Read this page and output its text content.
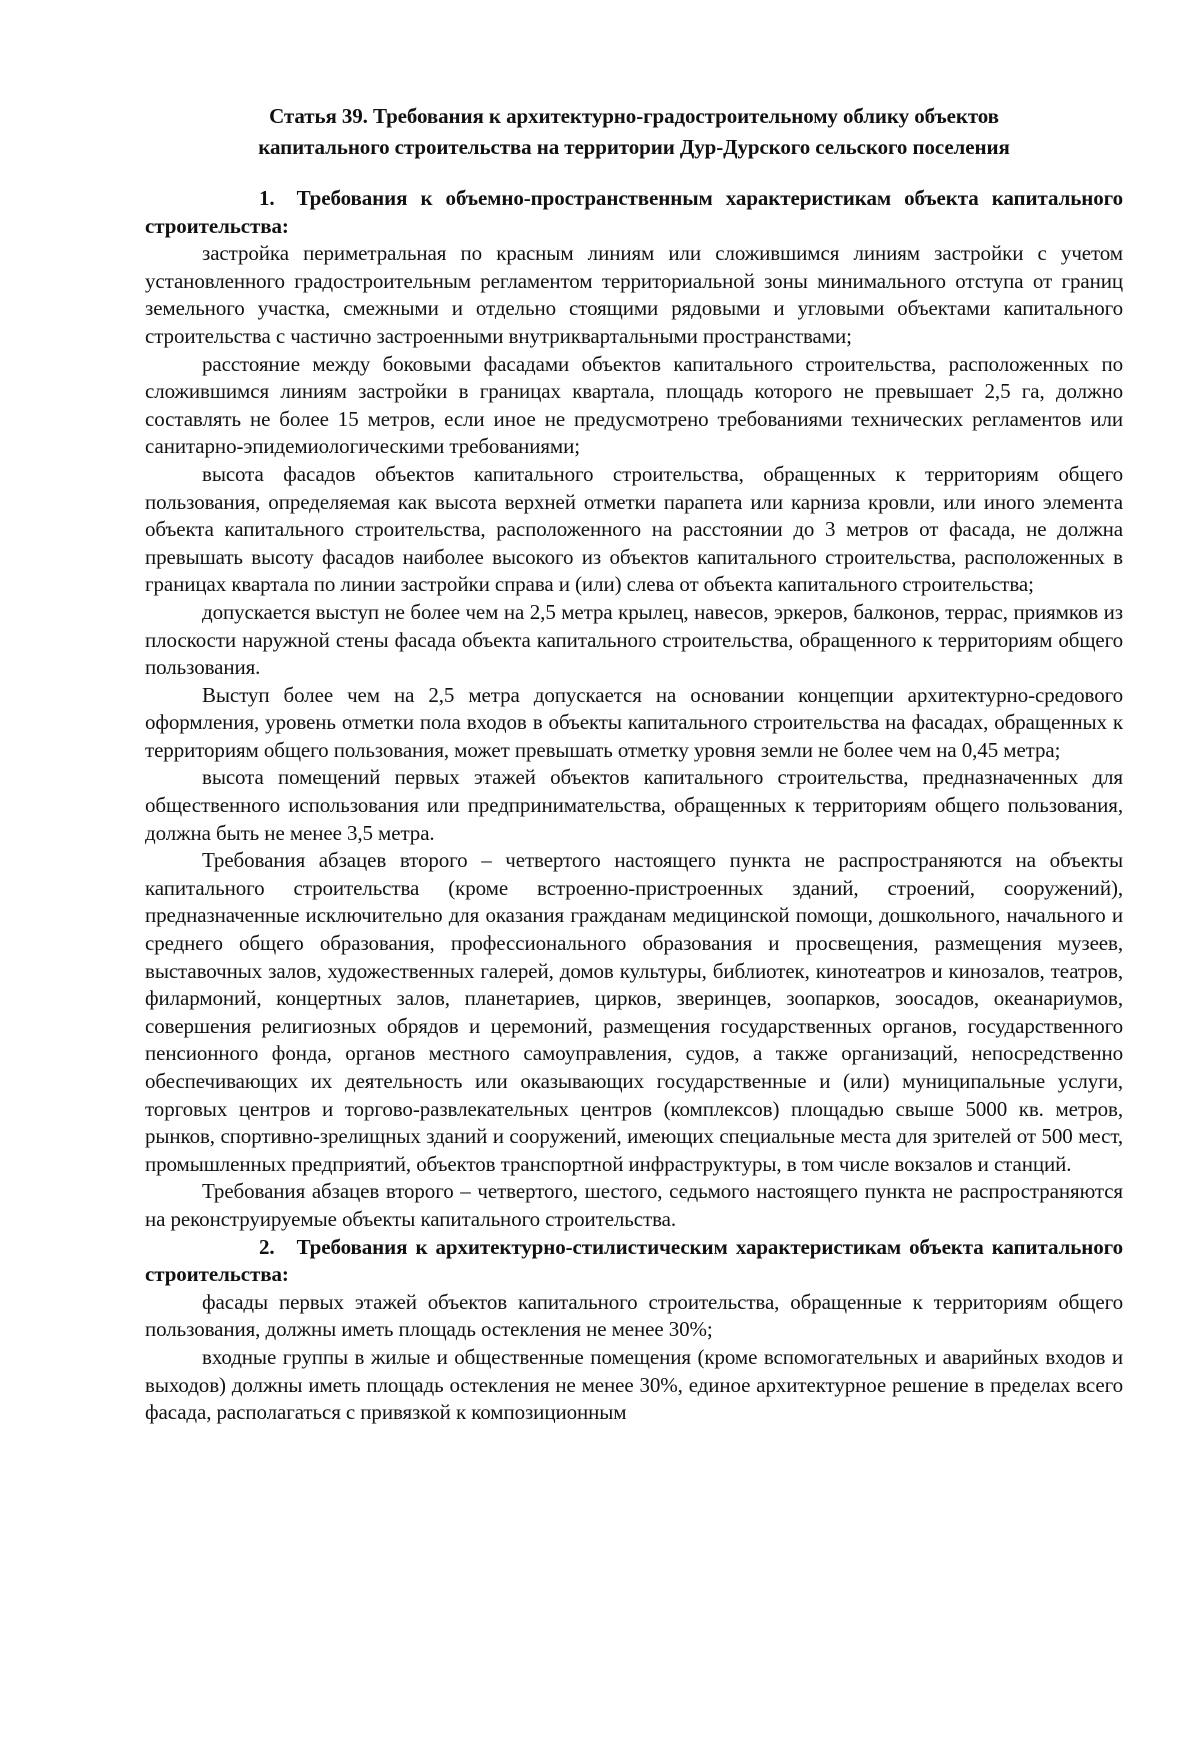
Статья 39. Требования к архитектурно-градостроительному облику объектов
капитального строительства на территории Дур-Дурского сельского поселения

1. Требования к объемно-пространственным характеристикам объекта капитального строительства:

застройка периметральная по красным линиям или сложившимся линиям застройки с учетом установленного градостроительным регламентом территориальной зоны минимального отступа от границ земельного участка, смежными и отдельно стоящими рядовыми и угловыми объектами капитального строительства с частично застроенными внутриквартальными пространствами;

расстояние между боковыми фасадами объектов капитального строительства, расположенных по сложившимся линиям застройки в границах квартала, площадь которого не превышает 2,5 га, должно составлять не более 15 метров, если иное не предусмотрено требованиями технических регламентов или санитарно-эпидемиологическими требованиями;

высота фасадов объектов капитального строительства, обращенных к территориям общего пользования, определяемая как высота верхней отметки парапета или карниза кровли, или иного элемента объекта капитального строительства, расположенного на расстоянии до 3 метров от фасада, не должна превышать высоту фасадов наиболее высокого из объектов капитального строительства, расположенных в границах квартала по линии застройки справа и (или) слева от объекта капитального строительства;

допускается выступ не более чем на 2,5 метра крылец, навесов, эркеров, балконов, террас, приямков из плоскости наружной стены фасада объекта капитального строительства, обращенного к территориям общего пользования.

Выступ более чем на 2,5 метра допускается на основании концепции архитектурно-средового оформления, уровень отметки пола входов в объекты капитального строительства на фасадах, обращенных к территориям общего пользования, может превышать отметку уровня земли не более чем на 0,45 метра;

высота помещений первых этажей объектов капитального строительства, предназначенных для общественного использования или предпринимательства, обращенных к территориям общего пользования, должна быть не менее 3,5 метра.

Требования абзацев второго – четвертого настоящего пункта не распространяются на объекты капитального строительства (кроме встроенно-пристроенных зданий, строений, сооружений), предназначенные исключительно для оказания гражданам медицинской помощи, дошкольного, начального и среднего общего образования, профессионального образования и просвещения, размещения музеев, выставочных залов, художественных галерей, домов культуры, библиотек, кинотеатров и кинозалов, театров, филармоний, концертных залов, планетариев, цирков, зверинцев, зоопарков, зоосадов, океанариумов, совершения религиозных обрядов и церемоний, размещения государственных органов, государственного пенсионного фонда, органов местного самоуправления, судов, а также организаций, непосредственно обеспечивающих их деятельность или оказывающих государственные и (или) муниципальные услуги, торговых центров и торгово-развлекательных центров (комплексов) площадью свыше 5000 кв. метров, рынков, спортивно-зрелищных зданий и сооружений, имеющих специальные места для зрителей от 500 мест, промышленных предприятий, объектов транспортной инфраструктуры, в том числе вокзалов и станций.

Требования абзацев второго – четвертого, шестого, седьмого настоящего пункта не распространяются на реконструируемые объекты капитального строительства.

2. Требования к архитектурно-стилистическим характеристикам объекта капитального строительства:

фасады первых этажей объектов капитального строительства, обращенные к территориям общего пользования, должны иметь площадь остекления не менее 30%;

входные группы в жилые и общественные помещения (кроме вспомогательных и аварийных входов и выходов) должны иметь площадь остекления не менее 30%, единое архитектурное решение в пределах всего фасада, располагаться с привязкой к композиционным
